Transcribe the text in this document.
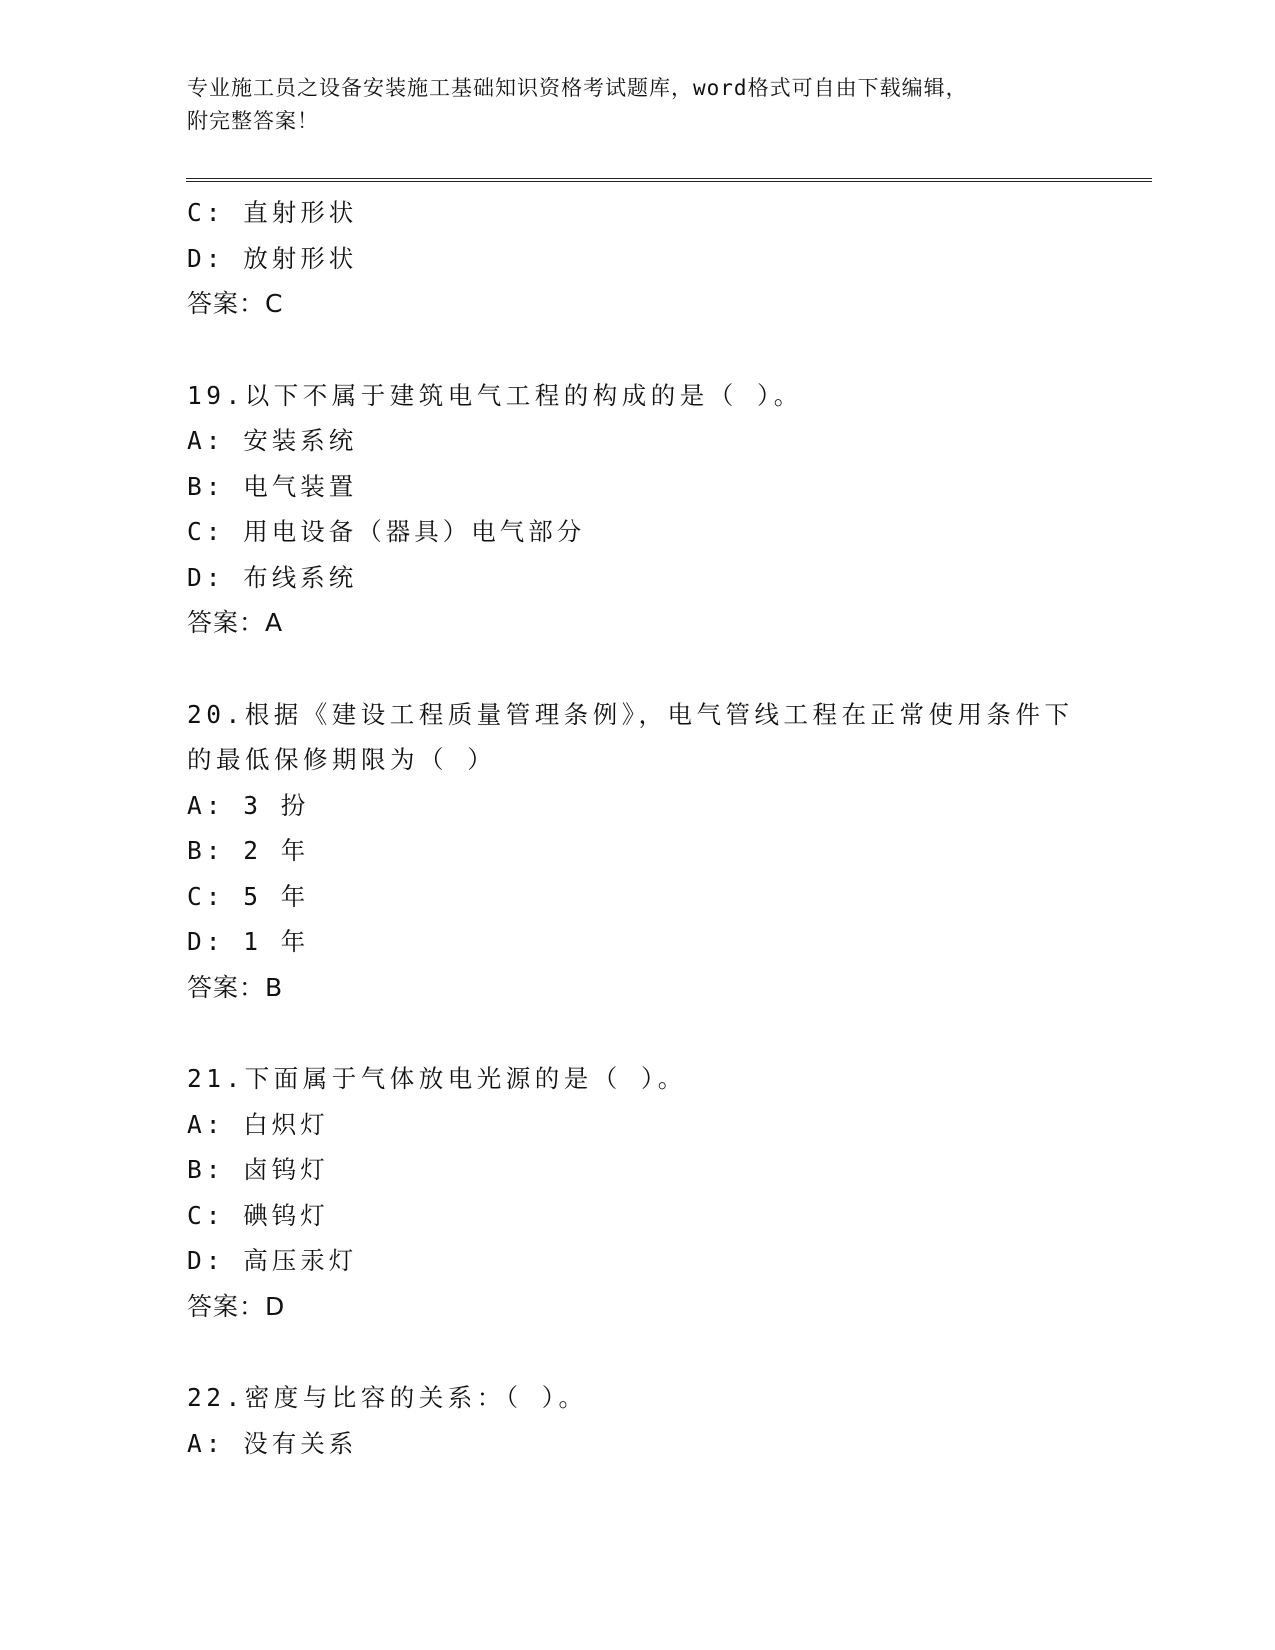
专业施工员之设备安装施工基础知识资格考试题库，word格式可自由下载编辑，
附完整答案！
C: 直射形状
D: 放射形状
答案：C
19.以下不属于建筑电气工程的构成的是（ ）。
A: 安装系统
B: 电气装置
C: 用电设备（器具）电气部分
D: 布线系统
答案：A
20.根据《建设工程质量管理条例》，电气管线工程在正常使用条件下
的最低保修期限为（ ）
A: 3 扮
B: 2 年
C: 5 年
D: 1 年
答案：B
21.下面属于气体放电光源的是（ ）。
A: 白炽灯
B: 卤钨灯
C: 碘钨灯
D: 高压汞灯
答案：D
22.密度与比容的关系：（ ）。
A: 没有关系
